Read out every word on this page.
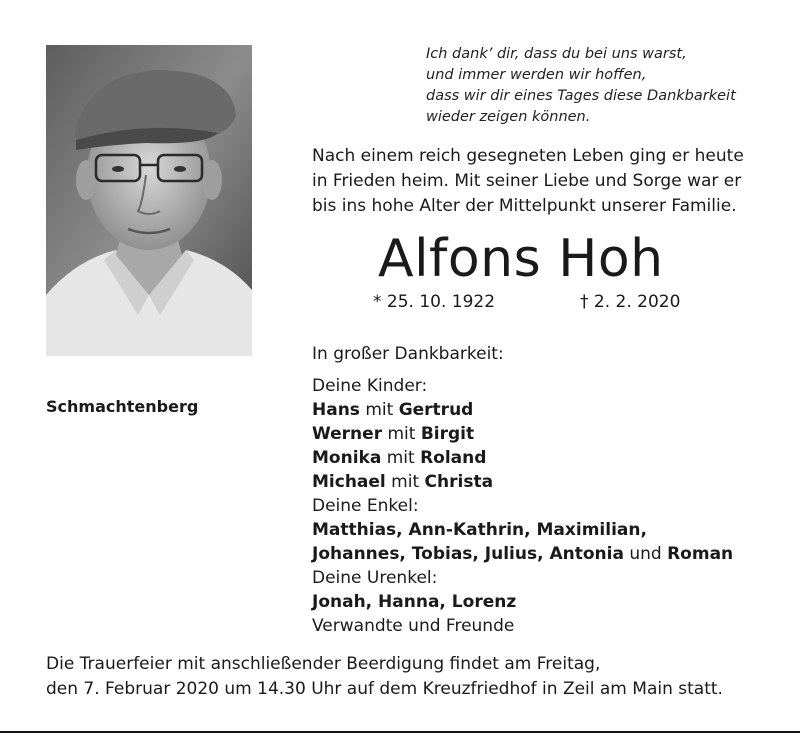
Ich dank’ dir, dass du bei uns warst,
und immer werden wir hoffen,
dass wir dir eines Tages diese Dankbarkeit
wieder zeigen können.
Nach einem reich gesegneten Leben ging er heute
in Frieden heim. Mit seiner Liebe und Sorge war er
bis ins hohe Alter der Mittelpunkt unserer Familie.
Alfons Hoh
* 25. 10. 1922	† 2. 2. 2020
Schmachtenberg
In großer Dankbarkeit:
Deine Kinder:
Hans mit Gertrud
Werner mit Birgit
Monika mit Roland
Michael mit Christa
Deine Enkel:
Matthias, Ann-Kathrin, Maximilian,
Johannes, Tobias, Julius, Antonia und Roman
Deine Urenkel:
Jonah, Hanna, Lorenz
Verwandte und Freunde
Die Trauerfeier mit anschließender Beerdigung findet am Freitag,
den 7. Februar 2020 um 14.30 Uhr auf dem Kreuzfriedhof in Zeil am Main statt.
